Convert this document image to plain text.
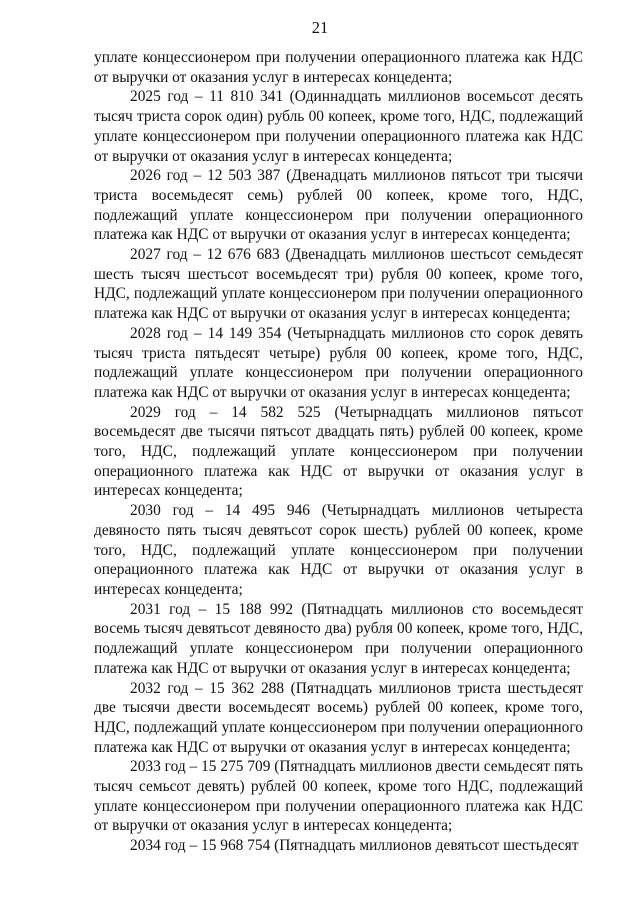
21

уплате концессионером при получении операционного платежа как НДС от выручки от оказания услуг в интересах концедента;

2025 год – 11 810 341 (Одиннадцать миллионов восемьсот десять тысяч триста сорок один) рубль 00 копеек, кроме того, НДС, подлежащий уплате концессионером при получении операционного платежа как НДС от выручки от оказания услуг в интересах концедента;

2026 год – 12 503 387 (Двенадцать миллионов пятьсот три тысячи триста восемьдесят семь) рублей 00 копеек, кроме того, НДС, подлежащий уплате концессионером при получении операционного платежа как НДС от выручки от оказания услуг в интересах концедента;

2027 год – 12 676 683 (Двенадцать миллионов шестьсот семьдесят шесть тысяч шестьсот восемьдесят три) рубля 00 копеек, кроме того, НДС, подлежащий уплате концессионером при получении операционного платежа как НДС от выручки от оказания услуг в интересах концедента;

2028 год – 14 149 354 (Четырнадцать миллионов сто сорок девять тысяч триста пятьдесят четыре) рубля 00 копеек, кроме того, НДС, подлежащий уплате концессионером при получении операционного платежа как НДС от выручки от оказания услуг в интересах концедента;

2029 год – 14 582 525 (Четырнадцать миллионов пятьсот восемьдесят две тысячи пятьсот двадцать пять) рублей 00 копеек, кроме того, НДС, подлежащий уплате концессионером при получении операционного платежа как НДС от выручки от оказания услуг в интересах концедента;

2030 год – 14 495 946 (Четырнадцать миллионов четыреста девяносто пять тысяч девятьсот сорок шесть) рублей 00 копеек, кроме того, НДС, подлежащий уплате концессионером при получении операционного платежа как НДС от выручки от оказания услуг в интересах концедента;

2031 год – 15 188 992 (Пятнадцать миллионов сто восемьдесят восемь тысяч девятьсот девяносто два) рубля 00 копеек, кроме того, НДС, подлежащий уплате концессионером при получении операционного платежа как НДС от выручки от оказания услуг в интересах концедента;

2032 год – 15 362 288 (Пятнадцать миллионов триста шестьдесят две тысячи двести восемьдесят восемь) рублей 00 копеек, кроме того, НДС, подлежащий уплате концессионером при получении операционного платежа как НДС от выручки от оказания услуг в интересах концедента;

2033 год – 15 275 709 (Пятнадцать миллионов двести семьдесят пять тысяч семьсот девять) рублей 00 копеек, кроме того НДС, подлежащий уплате концессионером при получении операционного платежа как НДС от выручки от оказания услуг в интересах концедента;

2034 год – 15 968 754 (Пятнадцать миллионов девятьсот шестьдесят
